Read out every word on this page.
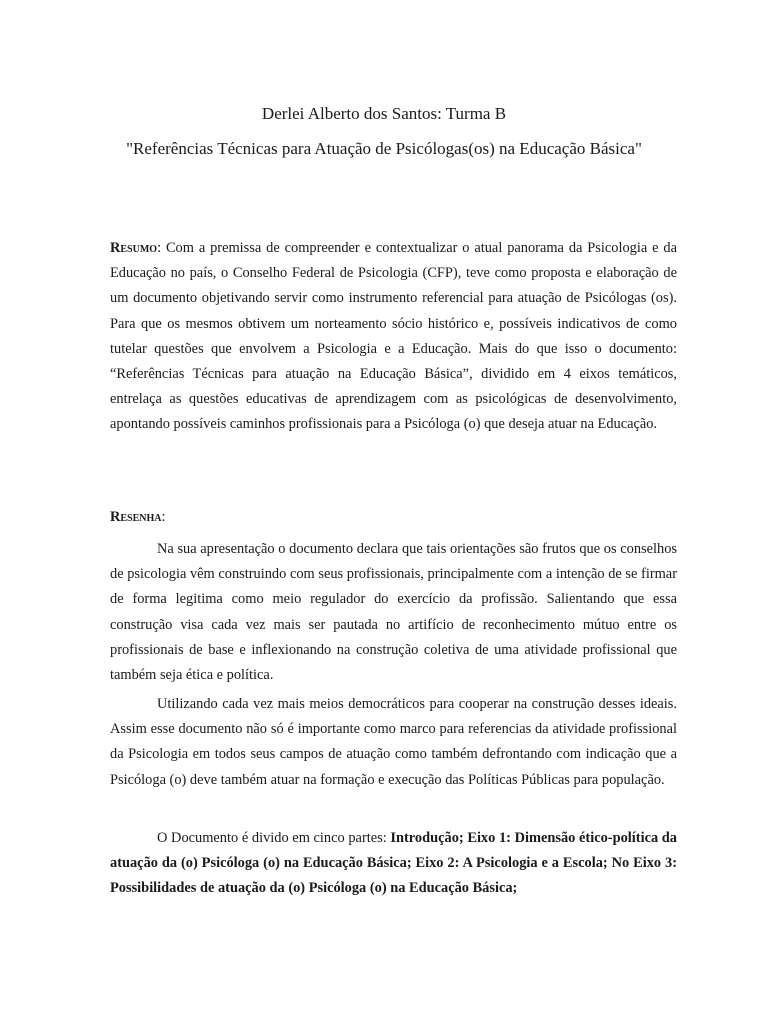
Derlei Alberto dos Santos: Turma B
"Referências Técnicas para Atuação de Psicólogas(os) na Educação Básica"

Resumo: Com a premissa de compreender e contextualizar o atual panorama da Psicologia e da Educação no país, o Conselho Federal de Psicologia (CFP), teve como proposta e elaboração de um documento objetivando servir como instrumento referencial para atuação de Psicólogas (os). Para que os mesmos obtivem um norteamento sócio histórico e, possíveis indicativos de como tutelar questões que envolvem a Psicologia e a Educação. Mais do que isso o documento: “Referências Técnicas para atuação na Educação Básica”, dividido em 4 eixos temáticos, entrelaça as questões educativas de aprendizagem com as psicológicas de desenvolvimento, apontando possíveis caminhos profissionais para a Psicóloga (o) que deseja atuar na Educação.

Resenha:

Na sua apresentação o documento declara que tais orientações são frutos que os conselhos de psicologia vêm construindo com seus profissionais, principalmente com a intenção de se firmar de forma legitima como meio regulador do exercício da profissão. Salientando que essa construção visa cada vez mais ser pautada no artifício de reconhecimento mútuo entre os profissionais de base e inflexionando na construção coletiva de uma atividade profissional que também seja ética e política.

Utilizando cada vez mais meios democráticos para cooperar na construção desses ideais. Assim esse documento não só é importante como marco para referencias da atividade profissional da Psicologia em todos seus campos de atuação como também defrontando com indicação que a Psicóloga (o) deve também atuar na formação e execução das Políticas Públicas para população.

O Documento é divido em cinco partes: Introdução; Eixo 1: Dimensão ético-política da atuação da (o) Psicóloga (o) na Educação Básica; Eixo 2: A Psicologia e a Escola; No Eixo 3: Possibilidades de atuação da (o) Psicóloga (o) na Educação Básica;
